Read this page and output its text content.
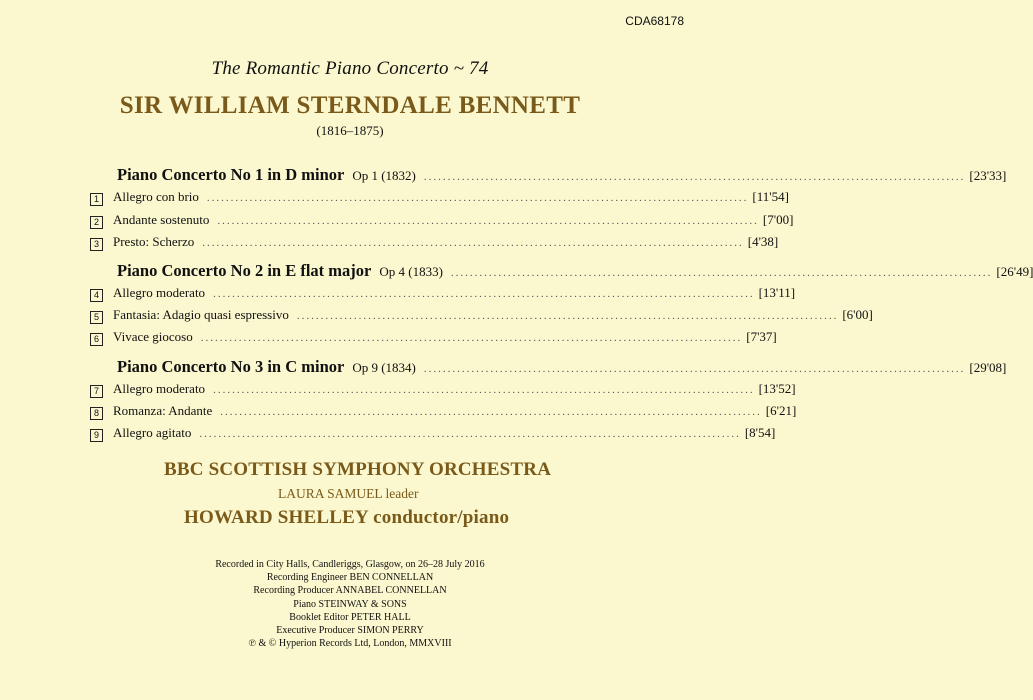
CDA68178
The Romantic Piano Concerto ~ 74
SIR WILLIAM STERNDALE BENNETT
(1816–1875)
Piano Concerto No 1 in D minor Op 1 (1832) .................................................................................................................. [23'33]
1	Allegro con brio .................................................................................................................. [11'54]
2	Andante sostenuto .................................................................................................................. [7'00]
3	Presto: Scherzo .................................................................................................................. [4'38]
Piano Concerto No 2 in E flat major Op 4 (1833) .................................................................................................................. [26'49]
4	Allegro moderato .................................................................................................................. [13'11]
5	Fantasia: Adagio quasi espressivo .................................................................................................................. [6'00]
6	Vivace giocoso .................................................................................................................. [7'37]
Piano Concerto No 3 in C minor Op 9 (1834) .................................................................................................................. [29'08]
7	Allegro moderato .................................................................................................................. [13'52]
8	Romanza: Andante .................................................................................................................. [6'21]
9	Allegro agitato .................................................................................................................. [8'54]
BBC SCOTTISH SYMPHONY ORCHESTRA
LAURA SAMUEL leader
HOWARD SHELLEY conductor/piano
Recorded in City Halls, Candleriggs, Glasgow, on 26–28 July 2016
Recording Engineer BEN CONNELLAN
Recording Producer ANNABEL CONNELLAN
Piano STEINWAY & SONS
Booklet Editor PETER HALL
Executive Producer SIMON PERRY
℗ & © Hyperion Records Ltd, London, MMXVIII
